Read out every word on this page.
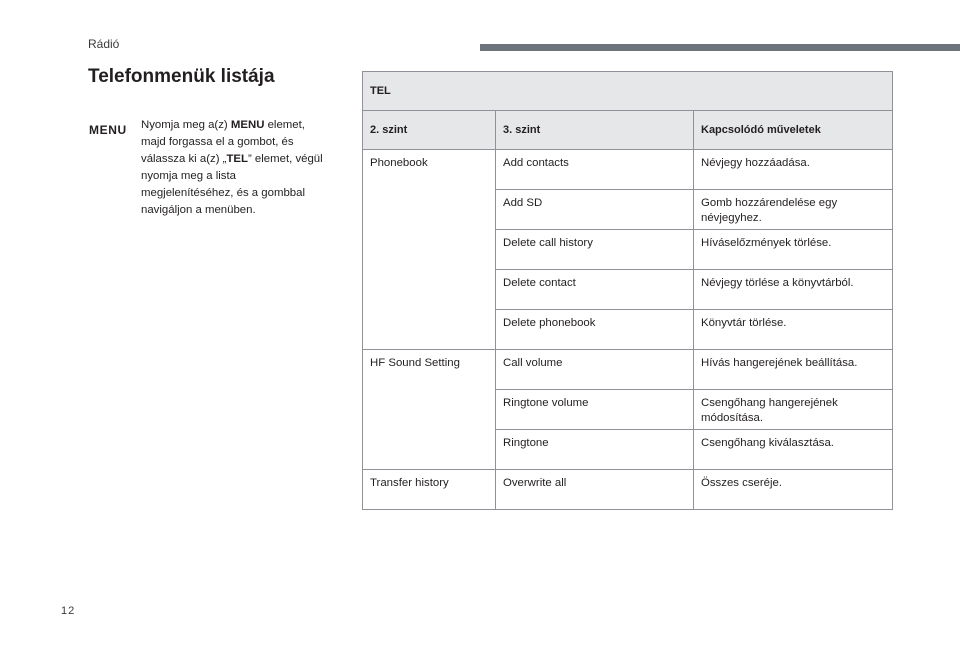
Rádió
Telefonmenük listája
MENU Nyomja meg a(z) MENU elemet, majd forgassa el a gombot, és válassza ki a(z) „TEL” elemet, végül nyomja meg a lista megjelenítéséhez, és a gombbal navigáljon a menüben.
TEL		
2. szint	3. szint	Kapcsolódó műveletek
Phonebook	Add contacts	Névjegy hozzáadása.
	Add SD	Gomb hozzárendelése egy névjegyhez.
	Delete call history	Híváselőzmények törlése.
	Delete contact	Névjegy törlése a könyvtárból.
	Delete phonebook	Könyvtár törlése.
HF Sound Setting	Call volume	Hívás hangerejének beállítása.
	Ringtone volume	Csengőhang hangerejének módosítása.
	Ringtone	Csengőhang kiválasztása.
Transfer history	Overwrite all	Összes cseréje.
12
